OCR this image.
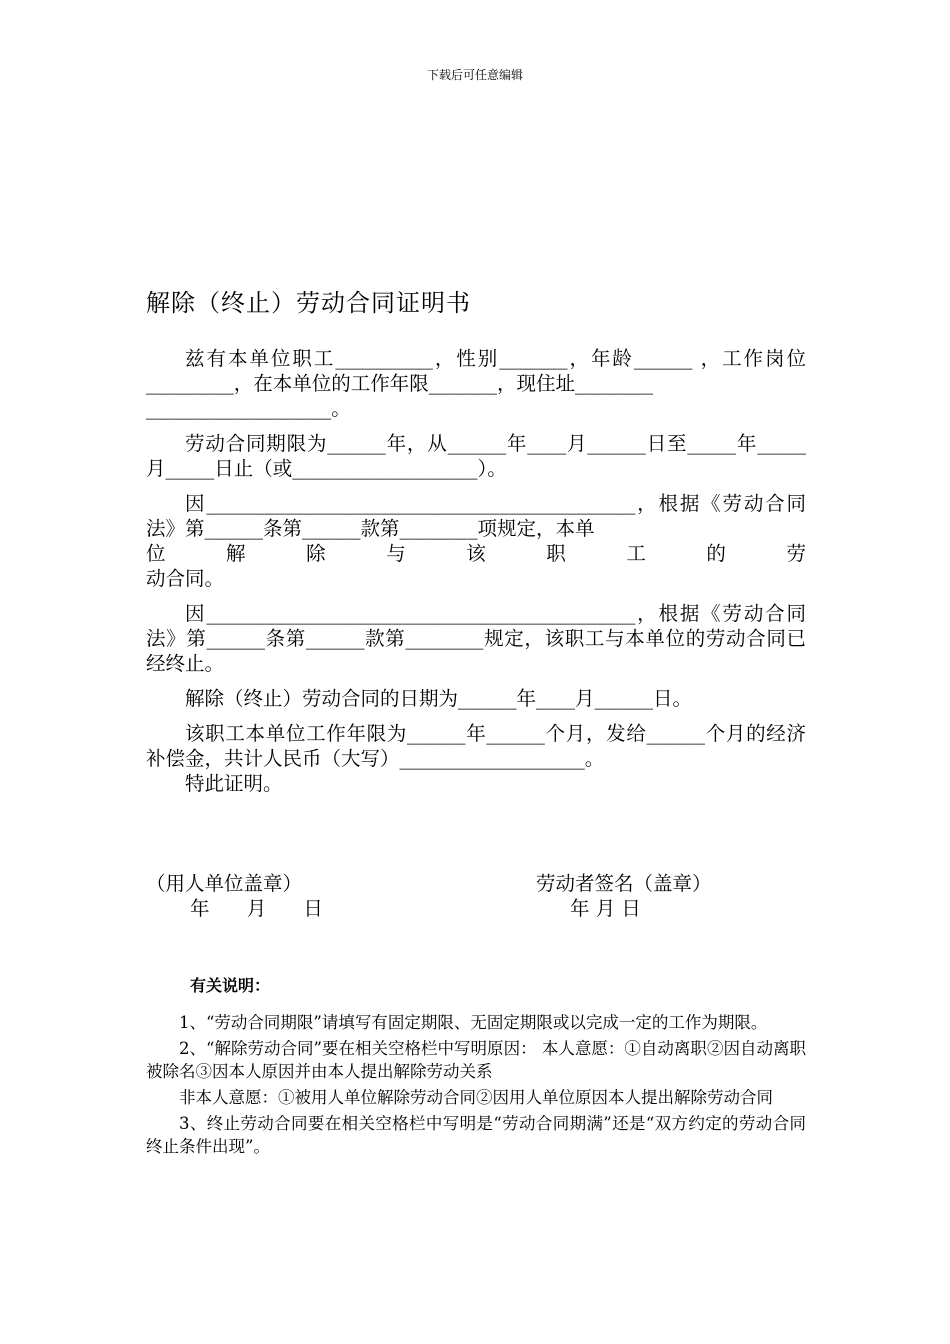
下载后可任意编辑
解除（终止）劳动合同证明书

兹有本单位职工__________，性别_______，年龄______ ，工作岗位_________，在本单位的工作年限_______，现住址________

___________________。

劳动合同期限为______年，从______年____月______日至_____年_____月_____日止（或___________________）。

因____________________________________________，根据《劳动合同法》第______条第______款第________项规定，本单
位 解 除 与 该 职 工 的 劳
动合同。

因____________________________________________，根据《劳动合同法》第______条第______款第________规定，该职工与本单位的劳动合同已经终止。

解除（终止）劳动合同的日期为______年____月______日。

该职工本单位工作年限为______年______个月，发给______个月的经济补偿金，共计人民币（大写）___________________。

特此证明。

（用人单位盖章）
年      月      日
劳动者签名（盖章）
年 月 日
有关说明：

1、“劳动合同期限”请填写有固定期限、无固定期限或以完成一定的工作为期限。

2、“解除劳动合同”要在相关空格栏中写明原因： 本人意愿：①自动离职②因自动离职被除名③因本人原因并由本人提出解除劳动关系

非本人意愿：①被用人单位解除劳动合同②因用人单位原因本人提出解除劳动合同

3、终止劳动合同要在相关空格栏中写明是“劳动合同期满”还是“双方约定的劳动合同终止条件出现”。
